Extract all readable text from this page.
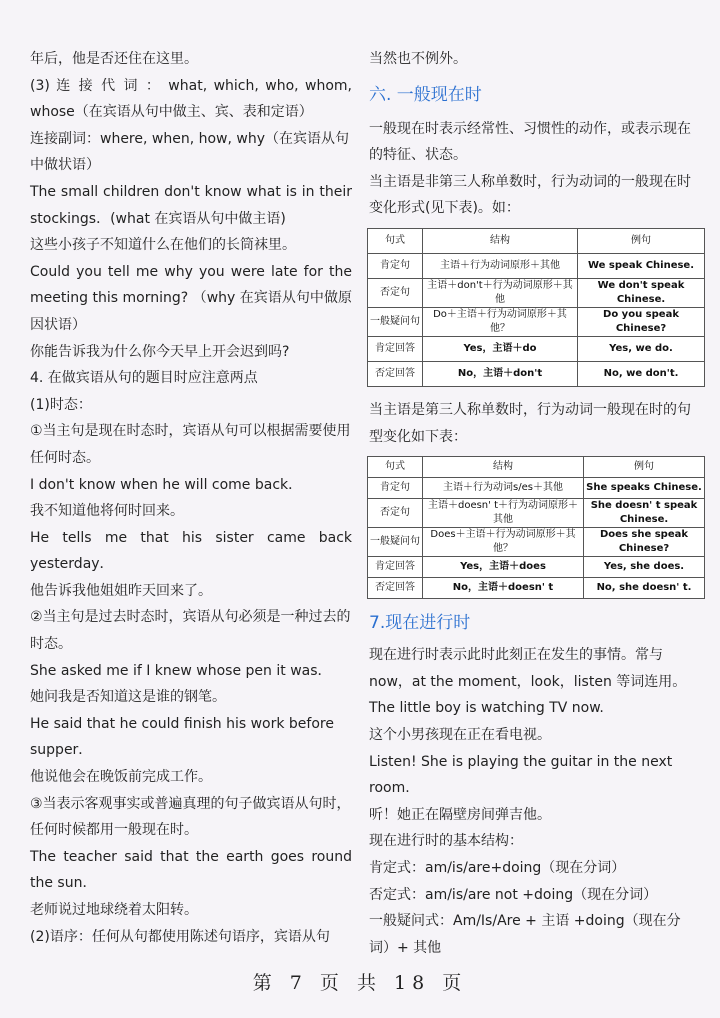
年后，他是否还住在这里。

(3) 连 接 代 词 ： what, which, who, whom, whose（在宾语从句中做主、宾、表和定语）

连接副词：where, when, how, why（在宾语从句中做状语）

The small children don't know what is in their stockings．(what 在宾语从句中做主语)

这些小孩子不知道什么在他们的长筒袜里。

Could you tell me why you were late for the meeting this morning? （why 在宾语从句中做原因状语）

你能告诉我为什么你今天早上开会迟到吗?

4. 在做宾语从句的题目时应注意两点

(1)时态：

①当主句是现在时态时，宾语从句可以根据需要使用任何时态。

I don't know when he will come back．

我不知道他将何时回来。

He tells me that his sister came back yesterday．

他告诉我他姐姐昨天回来了。

②当主句是过去时态时，宾语从句必须是一种过去的时态。

She asked me if I knew whose pen it was．

她问我是否知道这是谁的钢笔。

He said that he could finish his work before supper．

他说他会在晚饭前完成工作。

③当表示客观事实或普遍真理的句子做宾语从句时，任何时候都用一般现在时。

The teacher said that the earth goes round the sun．

老师说过地球绕着太阳转。

(2)语序：任何从句都使用陈述句语序，宾语从句

当然也不例外。

六. 一般现在时

一般现在时表示经常性、习惯性的动作，或表示现在的特征、状态。

当主语是非第三人称单数时，行为动词的一般现在时变化形式(见下表)。如：

句式	结构	例句
肯定句	主语＋行为动词原形＋其他	We speak Chinese.
否定句	主语＋don't＋行为动词原形＋其他	We don't speak Chinese.
一般疑问句	Do＋主语＋行为动词原形＋其他？	Do you speak Chinese?
肯定回答	Yes，主语＋do	Yes, we do.
否定回答	No，主语＋don't	No, we don't.

当主语是第三人称单数时，行为动词一般现在时的句型变化如下表：

句式	结构	例句
肯定句	主语＋行为动词s/es＋其他	She speaks Chinese.
否定句	主语＋doesn' t＋行为动词原形＋其他	She doesn' t speak Chinese.
一般疑问句	Does＋主语＋行为动词原形＋其他？	Does she speak Chinese?
肯定回答	Yes，主语＋does	Yes, she does.
否定回答	No，主语＋doesn' t	No, she doesn' t.
7.现在进行时

现在进行时表示此时此刻正在发生的事情。常与now，at the moment，look，listen 等词连用。

The little boy is watching TV now.

这个小男孩现在正在看电视。

Listen! She is playing the guitar in the next room.

听！她正在隔壁房间弹吉他。

现在进行时的基本结构：

肯定式：am/is/are+doing（现在分词）

否定式：am/is/are not +doing（现在分词）

一般疑问式：Am/Is/Are + 主语 +doing（现在分词）+ 其他

第 7 页 共 18 页
